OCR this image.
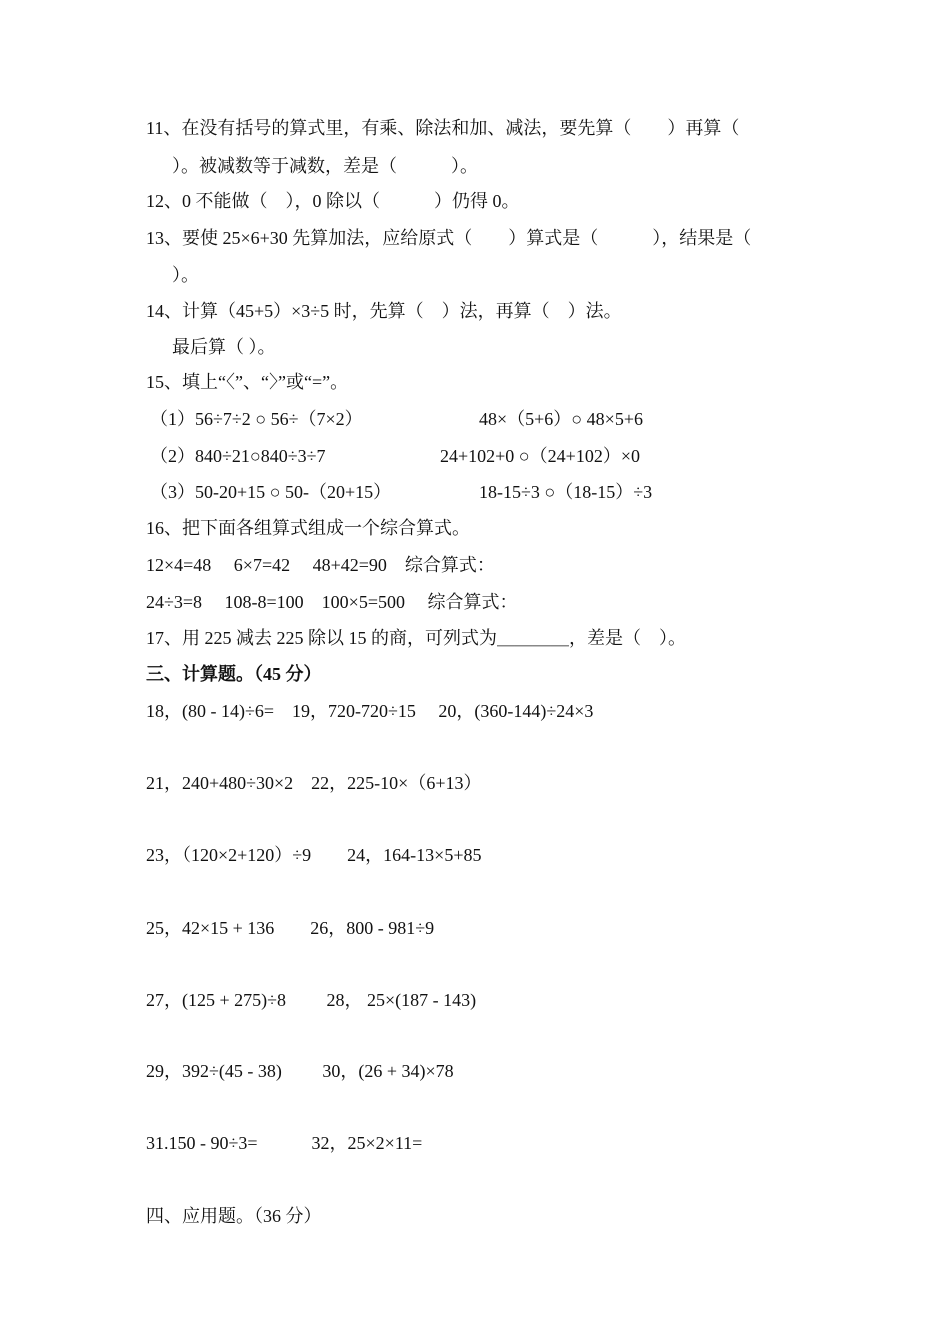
11、在没有括号的算式里，有乘、除法和加、减法，要先算（　　）再算（
）。被减数等于减数，差是（　　　）。
12、0 不能做（　），0 除以（　　　）仍得 0。
13、要使 25×6+30 先算加法，应给原式（　　）算式是（　　　），结果是（
）。
14、计算（45+5）×3÷5 时，先算（　）法，再算（　）法。
最后算（ ）。
15、填上“〈”、“〉”或“=”。
（1）56÷7÷2 ○ 56÷（7×2）	48×（5+6）○ 48×5+6
（2）840÷21○840÷3÷7	24+102+0 ○（24+102）×0
（3）50-20+15 ○ 50-（20+15）	18-15÷3 ○（18-15）÷3
16、把下面各组算式组成一个综合算式。
12×4=48　 6×7=42　 48+42=90　综合算式：
24÷3=8　 108-8=100　100×5=500　 综合算式：
17、用 225 减去 225 除以 15 的商，可列式为＿＿＿＿，差是（　）。
三、计算题。（45 分）
18，(80 - 14)÷6=　19，720-720÷15　 20，(360-144)÷24×3
21，240+480÷30×2　22，225-10×（6+13）
23，（120×2+120）÷9　　24，164-13×5+85
25，42×15 + 136　　26，800 - 981÷9
27，(125 + 275)÷8　　 28， 25×(187 - 143)
29，392÷(45 - 38)　　 30，(26 + 34)×78
31.150 - 90÷3=　　　32，25×2×11=
四、应用题。（36 分）
